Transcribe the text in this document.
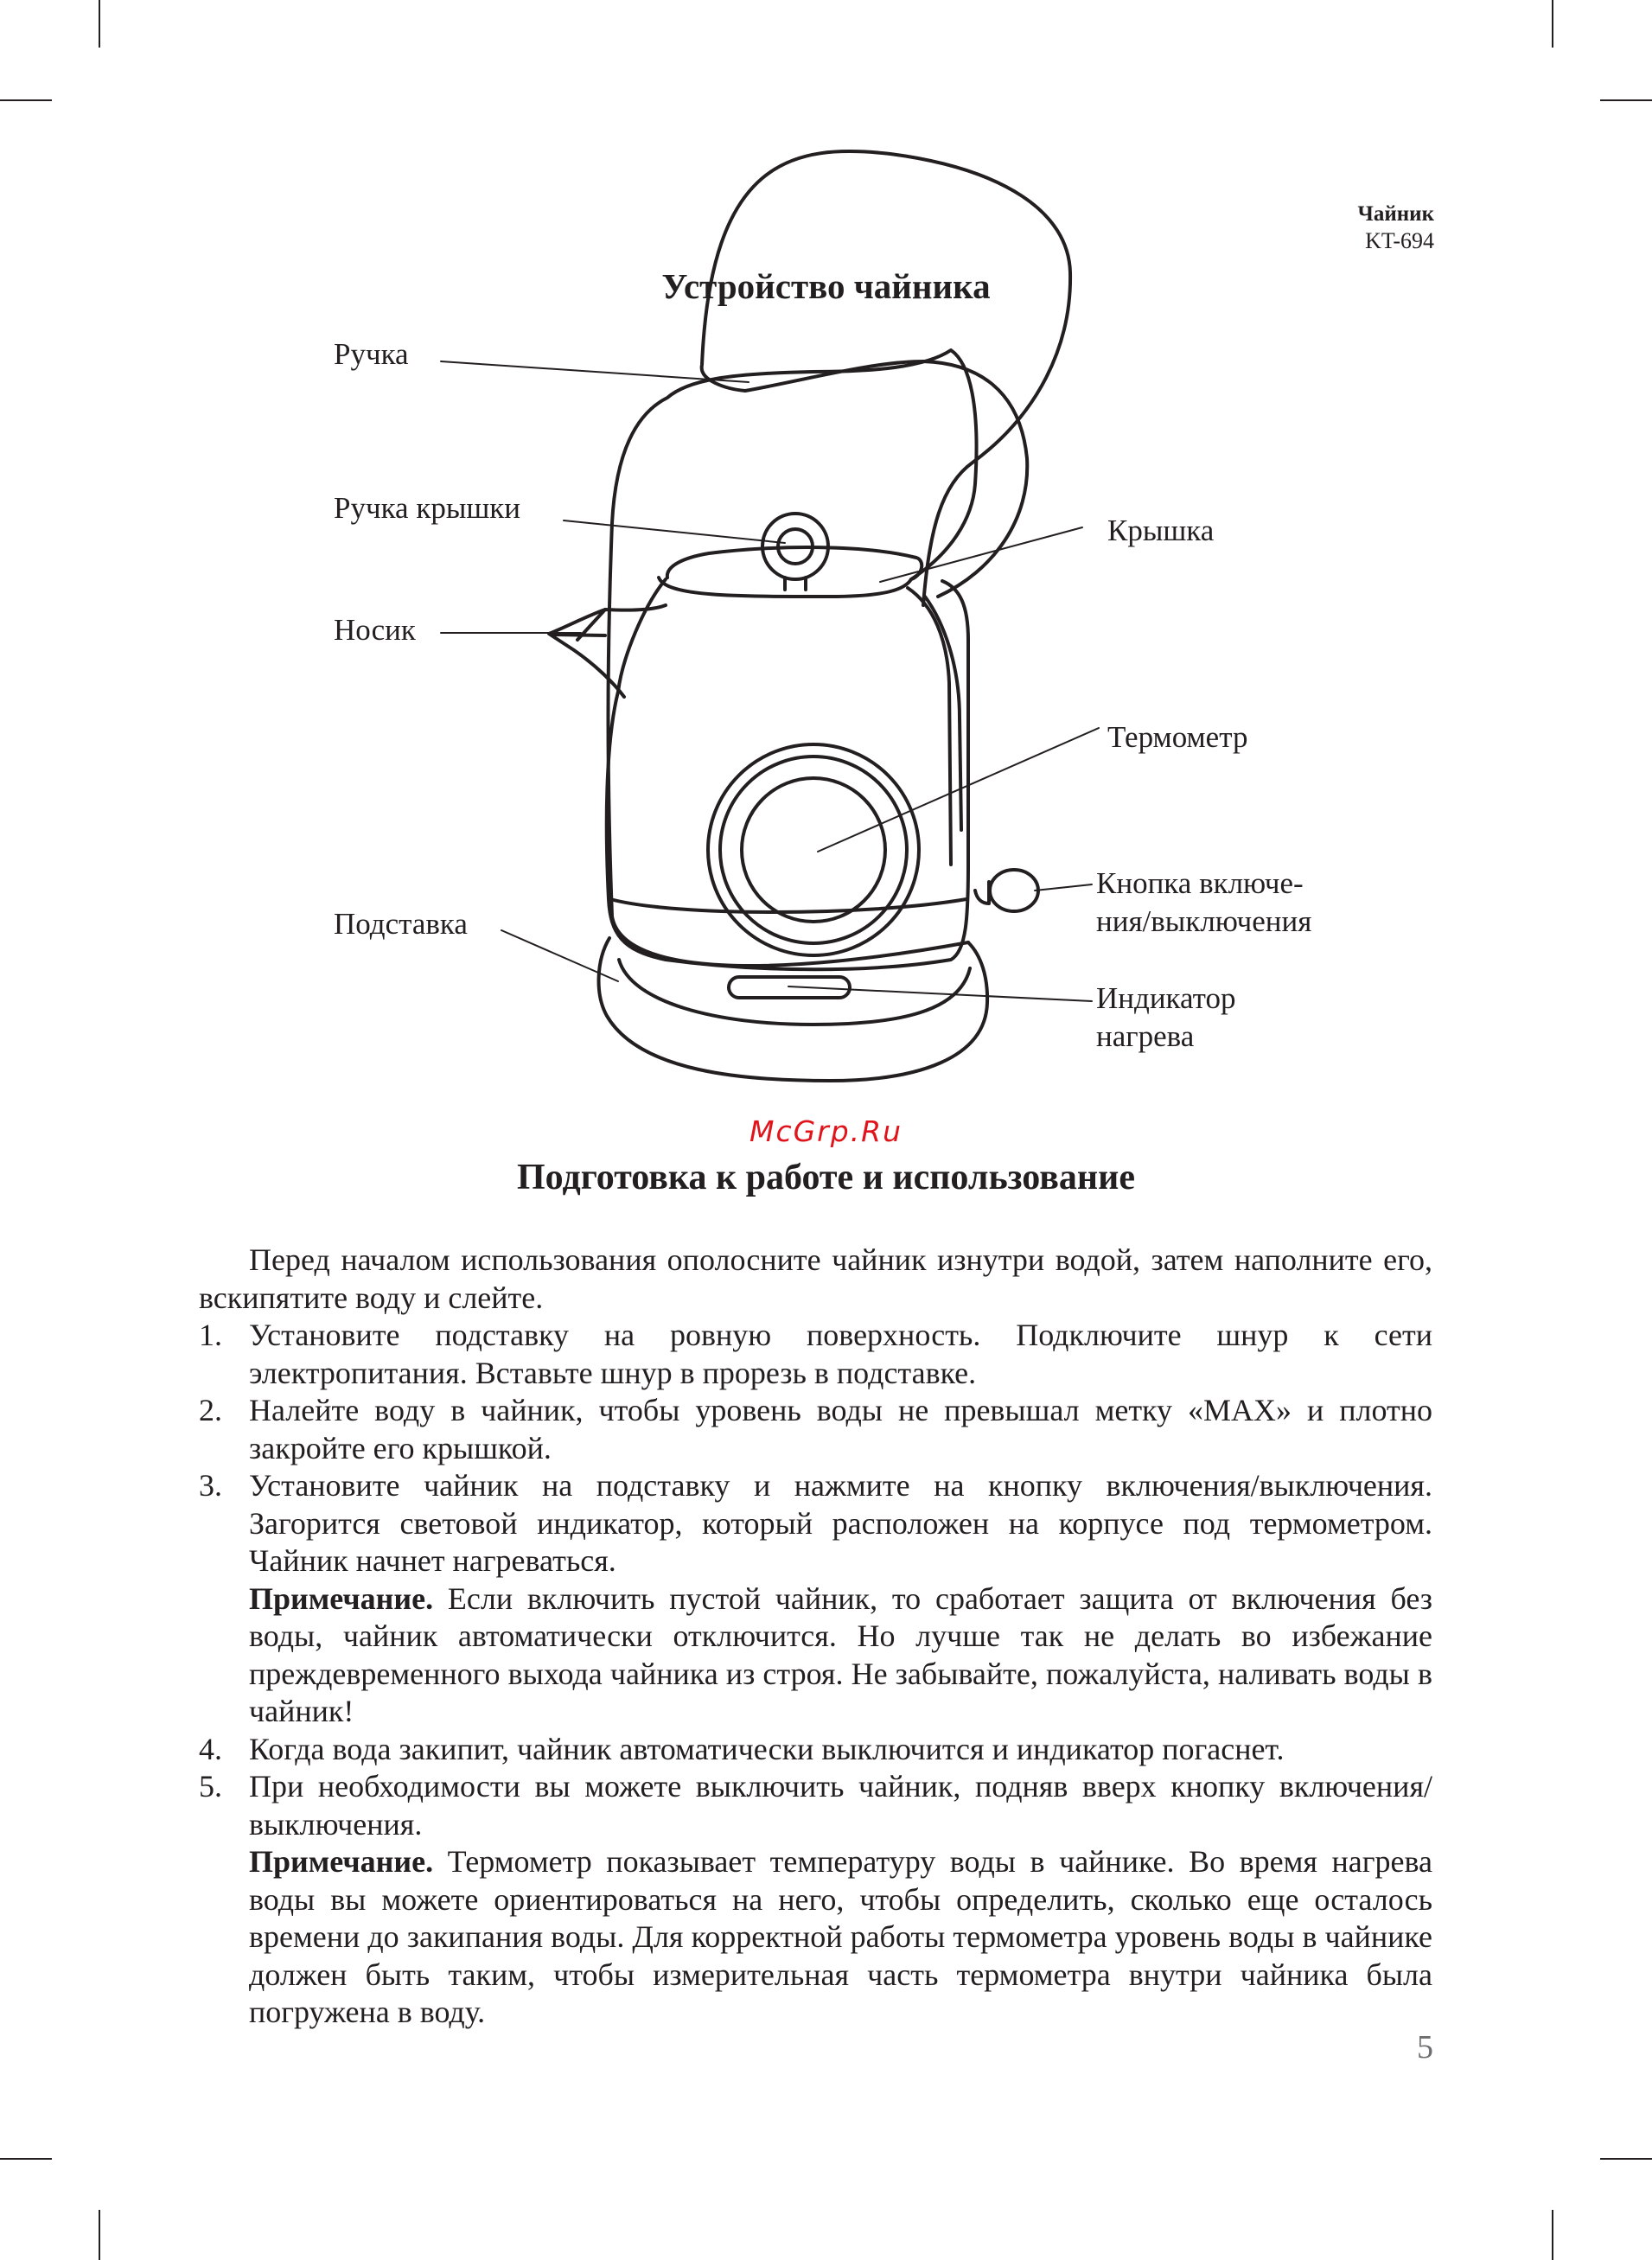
Чайник
KT-694
Устройство чайника
Ручка
Ручка крышки
Крышка
Носик
Термометр
Кнопка включе-
ния/выключения
Подставка
Индикатор
нагрева
McGrp.Ru
Подготовка к работе и использование

Перед началом использования ополосните чайник изнутри водой, затем наполните его, вскипятите воду и слейте.

1. Установите подставку на ровную поверхность. Подключите шнур к сети электропитания. Вставьте шнур в прорезь в подставке.
2. Налейте воду в чайник, чтобы уровень воды не превышал метку «MAX» и плотно закройте его крышкой.
3. Установите чайник на подставку и нажмите на кнопку включения/выключения. Загорится световой индикатор, который расположен на корпусе под термометром. Чайник начнет нагреваться.
Примечание. Если включить пустой чайник, то сработает защита от включения без воды, чайник автоматически отключится. Но лучше так не делать во избежание преждевременного выхода чайника из строя. Не забывайте, пожалуйста, наливать воды в чайник!
4. Когда вода закипит, чайник автоматически выключится и индикатор погаснет.
5. При необходимости вы можете выключить чайник, подняв вверх кнопку включения/выключения.
Примечание. Термометр показывает температуру воды в чайнике. Во время нагрева воды вы можете ориентироваться на него, чтобы определить, сколько еще осталось времени до закипания воды. Для корректной работы термометра уровень воды в чайнике должен быть таким, чтобы измерительная часть термометра внутри чайника была погружена в воду.
5
